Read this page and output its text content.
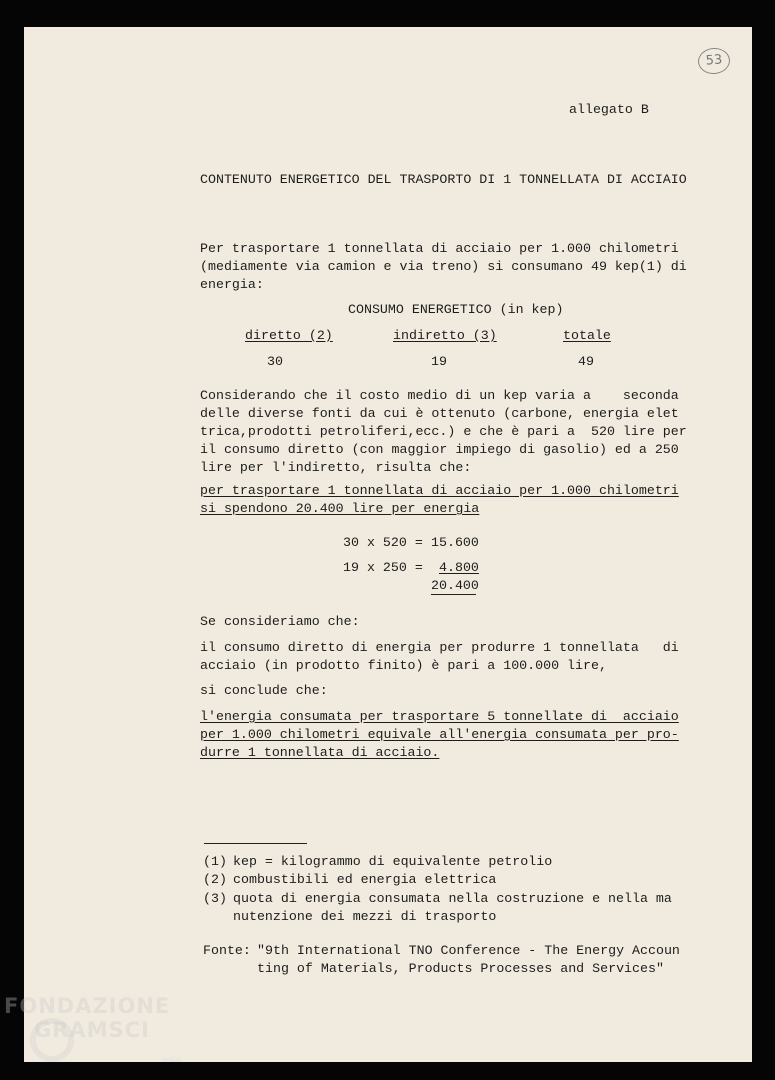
53
allegato B
CONTENUTO ENERGETICO DEL TRASPORTO DI 1 TONNELLATA DI ACCIAIO
Per trasportare 1 tonnellata di acciaio per 1.000 chilometri
(mediamente via camion e via treno) si consumano 49 kep(1) di
energia:
CONSUMO ENERGETICO (in kep)
diretto (2)	indiretto (3)	totale
30	19	49
Considerando che il costo medio di un kep varia a    seconda
delle diverse fonti da cui è ottenuto (carbone, energia elet
trica,prodotti petroliferi,ecc.) e che è pari a  520 lire per
il consumo diretto (con maggior impiego di gasolio) ed a 250
lire per l'indiretto, risulta che:
per trasportare 1 tonnellata di acciaio per 1.000 chilometri
si spendono 20.400 lire per energia
30 x 520 = 15.600
19 x 250 = 4.800
20.400
Se consideriamo che:
il consumo diretto di energia per produrre 1 tonnellata   di
acciaio (in prodotto finito) è pari a 100.000 lire,
si conclude che:
l'energia consumata per trasportare 5 tonnellate di  acciaio
per 1.000 chilometri equivale all'energia consumata per pro-
durre 1 tonnellata di acciaio.
(1) kep = kilogrammo di equivalente petrolio
(2) combustibili ed energia elettrica
(3) quota di energia consumata nella costruzione e nella ma
nutenzione dei mezzi di trasporto
Fonte: "9th International TNO Conference - The Energy Accoun
ting of Materials, Products Processes and Services"
FONDAZIONE
GRAMSCI
onlus
